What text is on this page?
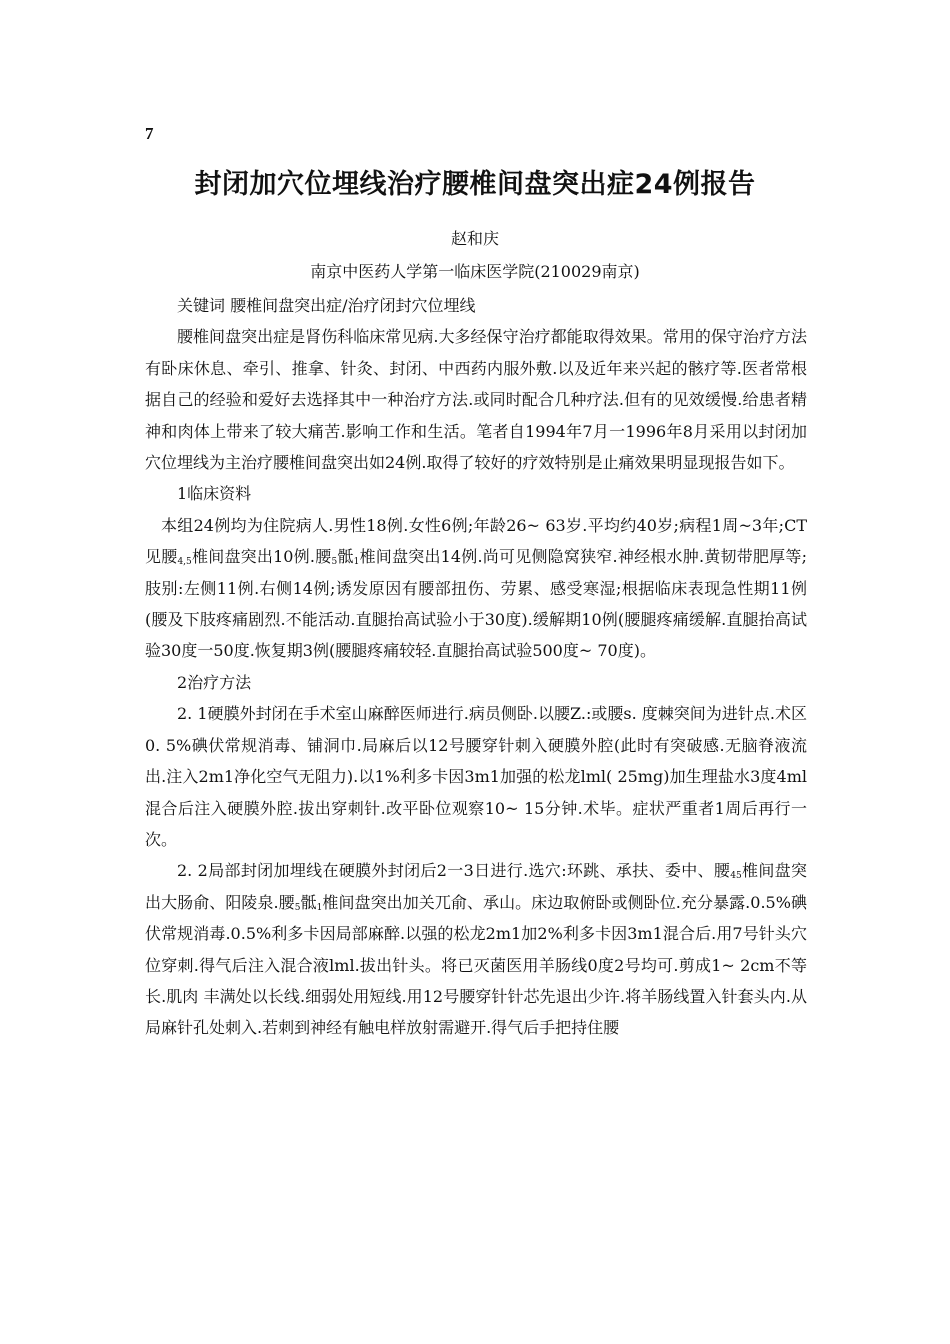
7
封闭加穴位埋线治疗腰椎间盘突出症24例报告
赵和庆
南京中医药人学第一临床医学院(210029南京)

关键词 腰椎间盘突出症/治疗闭封穴位埋线

腰椎间盘突出症是肾伤科临床常见病.大多经保守治疗都能取得效果。常用的保守治疗方法有卧床休息、牵引、推拿、针灸、封闭、中西药内服外敷.以及近年来兴起的骸疗等.医者常根据自己的经验和爱好去选择其中一种治疗方法.或同时配合几种疗法.但有的见效缓慢.给患者精神和肉体上带来了较大痛苦.影响工作和生活。笔者自1994年7月一1996年8月采用以封闭加穴位埋线为主治疗腰椎间盘突出如24例.取得了较好的疗效特别是止痛效果明显现报告如下。

1临床资料

本组24例均为住院病人.男性18例.女性6例;年龄26~ 63岁.平均约40岁;病程1周~3年;CT见腰$_{4,5}$椎间盘突出10例.腰$_5$骶$_1$椎间盘突出14例.尚可见侧隐窝狭窄.神经根水肿.黄韧带肥厚等;肢别:左侧11例.右侧14例;诱发原因有腰部扭伤、劳累、感受寒湿;根据临床表现急性期11例(腰及下肢疼痛剧烈.不能活动.直腿抬高试验小于30度).缓解期10例(腰腿疼痛缓解.直腿抬高试验30度一50度.恢复期3例(腰腿疼痛较轻.直腿抬高试验500度~ 70度)。

2治疗方法

2. 1硬膜外封闭在手术室山麻醉医师进行.病员侧卧.以腰Z.:或腰s. 度棘突间为进针点.术区0. 5%碘伏常规消毒、铺洞巾.局麻后以12号腰穿针刺入硬膜外腔(此时有突破感.无脑脊液流出.注入2m1净化空气无阻力).以1%利多卡因3m1加强的松龙lml( 25mg)加生理盐水3度4ml混合后注入硬膜外腔.拔出穿刺针.改平卧位观察10~ 15分钟.术毕。症状严重者1周后再行一次。

2. 2局部封闭加埋线在硬膜外封闭后2一3日进行.选穴:环跳、承扶、委中、腰$_{45}$椎间盘突出大肠俞、阳陵泉.腰$_5$骶$_1$椎间盘突出加关兀俞、承山。床边取俯卧或侧卧位.充分暴露.0.5%碘伏常规消毒.0.5%利多卡因局部麻醉.以强的松龙2m1加2%利多卡因3m1混合后.用7号针头穴位穿刺.得气后注入混合液lml.拔出针头。将已灭菌医用羊肠线0度2号均可.剪成1~ 2cm不等长.肌肉 丰满处以长线.细弱处用短线.用12号腰穿针针芯先退出少许.将羊肠线置入针套头内.从局麻针孔处刺入.若刺到神经有触电样放射需避开.得气后手把持住腰
